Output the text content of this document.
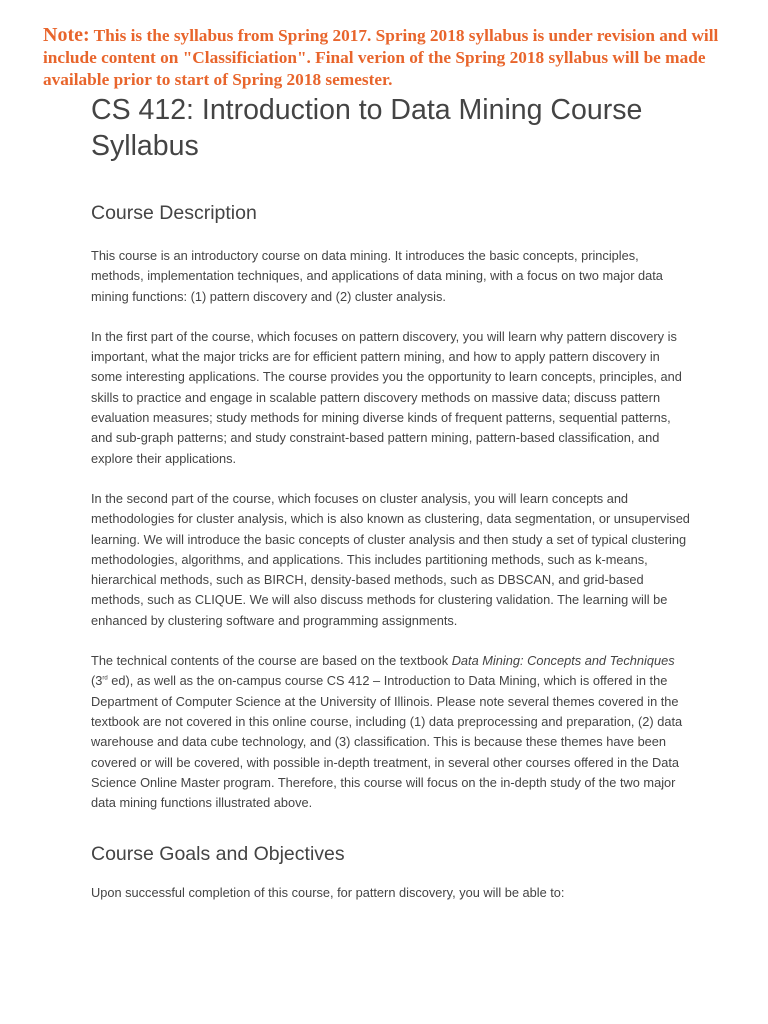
Note: This is the syllabus from Spring 2017. Spring 2018 syllabus is under revision and will include content on "Classificiation". Final verion of the Spring 2018 syllabus will be made available prior to start of Spring 2018 semester.
CS 412: Introduction to Data Mining Course Syllabus
Course Description

This course is an introductory course on data mining. It introduces the basic concepts, principles, methods, implementation techniques, and applications of data mining, with a focus on two major data mining functions: (1) pattern discovery and (2) cluster analysis.

In the first part of the course, which focuses on pattern discovery, you will learn why pattern discovery is important, what the major tricks are for efficient pattern mining, and how to apply pattern discovery in some interesting applications. The course provides you the opportunity to learn concepts, principles, and skills to practice and engage in scalable pattern discovery methods on massive data; discuss pattern evaluation measures; study methods for mining diverse kinds of frequent patterns, sequential patterns, and sub-graph patterns; and study constraint-based pattern mining, pattern-based classification, and explore their applications.

In the second part of the course, which focuses on cluster analysis, you will learn concepts and methodologies for cluster analysis, which is also known as clustering, data segmentation, or unsupervised learning. We will introduce the basic concepts of cluster analysis and then study a set of typical clustering methodologies, algorithms, and applications. This includes partitioning methods, such as k-means, hierarchical methods, such as BIRCH, density-based methods, such as DBSCAN, and grid-based methods, such as CLIQUE. We will also discuss methods for clustering validation. The learning will be enhanced by clustering software and programming assignments.

The technical contents of the course are based on the textbook Data Mining: Concepts and Techniques (3rd ed), as well as the on-campus course CS 412 – Introduction to Data Mining, which is offered in the Department of Computer Science at the University of Illinois. Please note several themes covered in the textbook are not covered in this online course, including (1) data preprocessing and preparation, (2) data warehouse and data cube technology, and (3) classification. This is because these themes have been covered or will be covered, with possible in-depth treatment, in several other courses offered in the Data Science Online Master program. Therefore, this course will focus on the in-depth study of the two major data mining functions illustrated above.

Course Goals and Objectives

Upon successful completion of this course, for pattern discovery, you will be able to:
